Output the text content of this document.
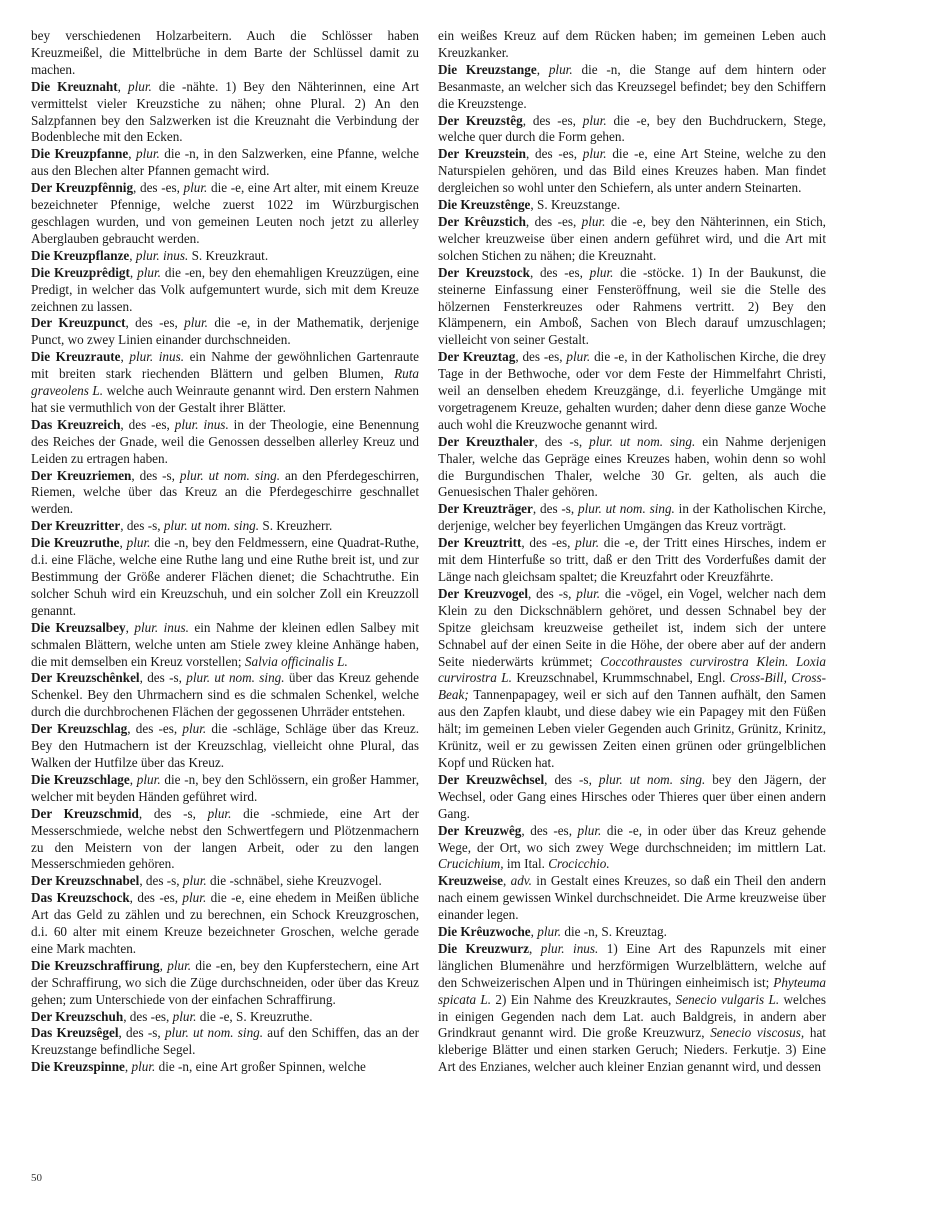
bey verschiedenen Holzarbeitern. Auch die Schlösser haben Kreuzmeißel, die Mittelbrüche in dem Barte der Schlüssel damit zu machen.

Die Kreuznaht, plur. die -nähte. 1) Bey den Nähterinnen, eine Art vermittelst vieler Kreuzstiche zu nähen; ohne Plural. 2) An den Salzpfannen bey den Salzwerken ist die Kreuznaht die Verbindung der Bodenbleche mit den Ecken.

Die Kreuzpfanne, plur. die -n, in den Salzwerken, eine Pfanne, welche aus den Blechen alter Pfannen gemacht wird.

Der Kreuzpfênnig, des -es, plur. die -e, eine Art alter, mit einem Kreuze bezeichneter Pfennige, welche zuerst 1022 im Würzburgischen geschlagen wurden, und von gemeinen Leuten noch jetzt zu allerley Aberglauben gebraucht werden.

Die Kreuzpflanze, plur. inus. S. Kreuzkraut.

Die Kreuzprêdigt, plur. die -en, bey den ehemahligen Kreuzzügen, eine Predigt, in welcher das Volk aufgemuntert wurde, sich mit dem Kreuze zeichnen zu lassen.

Der Kreuzpunct, des -es, plur. die -e, in der Mathematik, derjenige Punct, wo zwey Linien einander durchschneiden.

Die Kreuzraute, plur. inus. ein Nahme der gewöhnlichen Gartenraute mit breiten stark riechenden Blättern und gelben Blumen, Ruta graveolens L. welche auch Weinraute genannt wird. Den erstern Nahmen hat sie vermuthlich von der Gestalt ihrer Blätter.

Das Kreuzreich, des -es, plur. inus. in der Theologie, eine Benennung des Reiches der Gnade, weil die Genossen desselben allerley Kreuz und Leiden zu ertragen haben.

Der Kreuzriemen, des -s, plur. ut nom. sing. an den Pferdegeschirren, Riemen, welche über das Kreuz an die Pferdegeschirre geschnallet werden.

Der Kreuzritter, des -s, plur. ut nom. sing. S. Kreuzherr.

Die Kreuzruthe, plur. die -n, bey den Feldmessern, eine Quadrat-Ruthe, d.i. eine Fläche, welche eine Ruthe lang und eine Ruthe breit ist, und zur Bestimmung der Größe anderer Flächen dienet; die Schachtruthe. Ein solcher Schuh wird ein Kreuzschuh, und ein solcher Zoll ein Kreuzzoll genannt.

Die Kreuzsalbey, plur. inus. ein Nahme der kleinen edlen Salbey mit schmalen Blättern, welche unten am Stiele zwey kleine Anhänge haben, die mit demselben ein Kreuz vorstellen; Salvia officinalis L.

Der Kreuzschênkel, des -s, plur. ut nom. sing. über das Kreuz gehende Schenkel. Bey den Uhrmachern sind es die schmalen Schenkel, welche durch die durchbrochenen Flächen der gegossenen Uhrräder entstehen.

Der Kreuzschlag, des -es, plur. die -schläge, Schläge über das Kreuz. Bey den Hutmachern ist der Kreuzschlag, vielleicht ohne Plural, das Walken der Hutfilze über das Kreuz.

Die Kreuzschlage, plur. die -n, bey den Schlössern, ein großer Hammer, welcher mit beyden Händen geführet wird.

Der Kreuzschmid, des -s, plur. die -schmiede, eine Art der Messerschmiede, welche nebst den Schwertfegern und Plötzenmachern zu den Meistern von der langen Arbeit, oder zu den langen Messerschmieden gehören.

Der Kreuzschnabel, des -s, plur. die -schnäbel, siehe Kreuzvogel.

Das Kreuzschock, des -es, plur. die -e, eine ehedem in Meißen übliche Art das Geld zu zählen und zu berechnen, ein Schock Kreuzgroschen, d.i. 60 alter mit einem Kreuze bezeichneter Groschen, welche gerade eine Mark machten.

Die Kreuzschraffirung, plur. die -en, bey den Kupferstechern, eine Art der Schraffirung, wo sich die Züge durchschneiden, oder über das Kreuz gehen; zum Unterschiede von der einfachen Schraffirung.

Der Kreuzschuh, des -es, plur. die -e, S. Kreuzruthe.

Das Kreuzsêgel, des -s, plur. ut nom. sing. auf den Schiffen, das an der Kreuzstange befindliche Segel.

Die Kreuzspinne, plur. die -n, eine Art großer Spinnen, welche

ein weißes Kreuz auf dem Rücken haben; im gemeinen Leben auch Kreuzkanker.

Die Kreuzstange, plur. die -n, die Stange auf dem hintern oder Besanmaste, an welcher sich das Kreuzsegel befindet; bey den Schiffern die Kreuzstenge.

Der Kreuzstêg, des -es, plur. die -e, bey den Buchdruckern, Stege, welche quer durch die Form gehen.

Der Kreuzstein, des -es, plur. die -e, eine Art Steine, welche zu den Naturspielen gehören, und das Bild eines Kreuzes haben. Man findet dergleichen so wohl unter den Schiefern, als unter andern Steinarten.

Die Kreuzstênge, S. Kreuzstange.

Der Krêuzstich, des -es, plur. die -e, bey den Nähterinnen, ein Stich, welcher kreuzweise über einen andern geführet wird, und die Art mit solchen Stichen zu nähen; die Kreuznaht.

Der Kreuzstock, des -es, plur. die -stöcke. 1) In der Baukunst, die steinerne Einfassung einer Fensteröffnung, weil sie die Stelle des hölzernen Fensterkreuzes oder Rahmens vertritt. 2) Bey den Klämpenern, ein Amboß, Sachen von Blech darauf umzuschlagen; vielleicht von seiner Gestalt.

Der Kreuztag, des -es, plur. die -e, in der Katholischen Kirche, die drey Tage in der Bethwoche, oder vor dem Feste der Himmelfahrt Christi, weil an denselben ehedem Kreuzgänge, d.i. feyerliche Umgänge mit vorgetragenem Kreuze, gehalten wurden; daher denn diese ganze Woche auch wohl die Kreuzwoche genannt wird.

Der Kreuzthaler, des -s, plur. ut nom. sing. ein Nahme derjenigen Thaler, welche das Gepräge eines Kreuzes haben, wohin denn so wohl die Burgundischen Thaler, welche 30 Gr. gelten, als auch die Genuesischen Thaler gehören.

Der Kreuzträger, des -s, plur. ut nom. sing. in der Katholischen Kirche, derjenige, welcher bey feyerlichen Umgängen das Kreuz vorträgt.

Der Kreuztritt, des -es, plur. die -e, der Tritt eines Hirsches, indem er mit dem Hinterfuße so tritt, daß er den Tritt des Vorderfußes damit der Länge nach gleichsam spaltet; die Kreuzfahrt oder Kreuzfährte.

Der Kreuzvogel, des -s, plur. die -vögel, ein Vogel, welcher nach dem Klein zu den Dickschnäblern gehöret, und dessen Schnabel bey der Spitze gleichsam kreuzweise getheilet ist, indem sich der untere Schnabel auf der einen Seite in die Höhe, der obere aber auf der andern Seite niederwärts krümmet; Coccothraustes curvirostra Klein. Loxia curvirostra L. Kreuzschnabel, Krummschnabel, Engl. Cross-Bill, Cross-Beak; Tannenpapagey, weil er sich auf den Tannen aufhält, den Samen aus den Zapfen klaubt, und diese dabey wie ein Papagey mit den Füßen hält; im gemeinen Leben vieler Gegenden auch Grinitz, Grünitz, Krinitz, Krünitz, weil er zu gewissen Zeiten einen grünen oder grüngelblichen Kopf und Rücken hat.

Der Kreuzwêchsel, des -s, plur. ut nom. sing. bey den Jägern, der Wechsel, oder Gang eines Hirsches oder Thieres quer über einen andern Gang.

Der Kreuzwêg, des -es, plur. die -e, in oder über das Kreuz gehende Wege, der Ort, wo sich zwey Wege durchschneiden; im mittlern Lat. Crucichium, im Ital. Crocicchio.

Kreuzweise, adv. in Gestalt eines Kreuzes, so daß ein Theil den andern nach einem gewissen Winkel durchschneidet. Die Arme kreuzweise über einander legen.

Die Krêuzwoche, plur. die -n, S. Kreuztag.

Die Kreuzwurz, plur. inus. 1) Eine Art des Rapunzels mit einer länglichen Blumenähre und herzförmigen Wurzelblättern, welche auf den Schweizerischen Alpen und in Thüringen einheimisch ist; Phyteuma spicata L. 2) Ein Nahme des Kreuzkrautes, Senecio vulgaris L. welches in einigen Gegenden nach dem Lat. auch Baldgreis, in andern aber Grindkraut genannt wird. Die große Kreuzwurz, Senecio viscosus, hat kleberige Blätter und einen starken Geruch; Nieders. Ferkutje. 3) Eine Art des Enzianes, welcher auch kleiner Enzian genannt wird, und dessen

50
